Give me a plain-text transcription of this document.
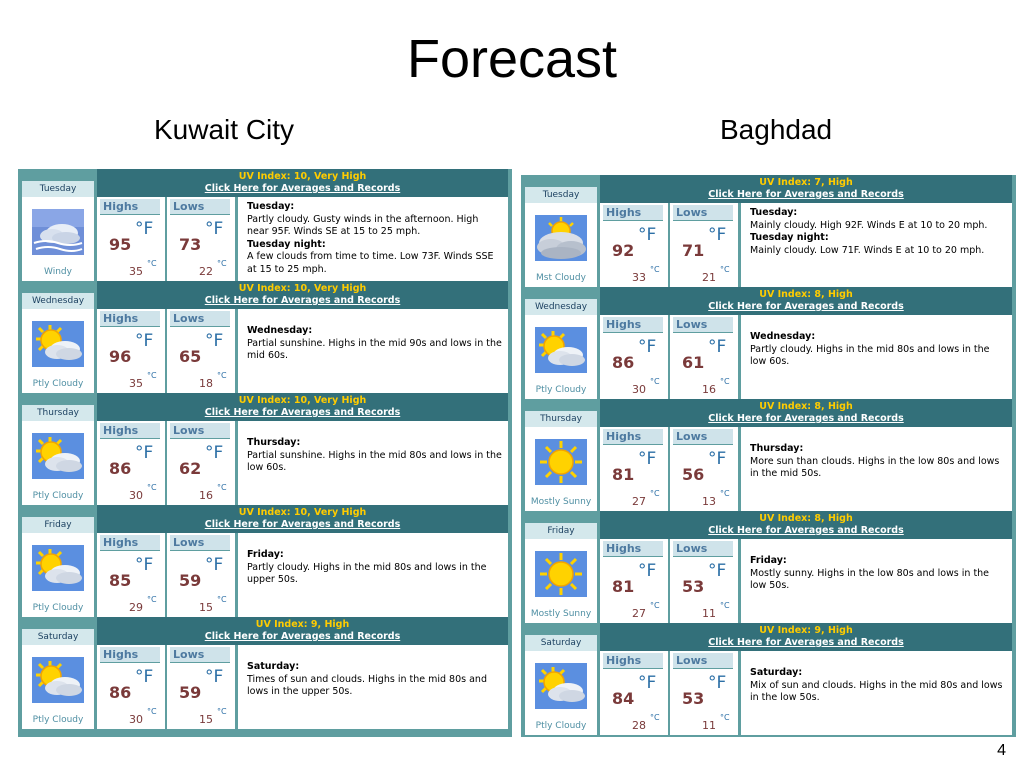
Forecast
Kuwait City	Baghdad
Tuesday
Windy
UV Index: 10, Very High
Click Here for Averages and Records
Highs
°F
95
°C
35
Lows
°F
73
°C
22
Tuesday:
Partly cloudy. Gusty winds in the afternoon. High near 95F. Winds SE at 15 to 25 mph.
Tuesday night:
A few clouds from time to time. Low 73F. Winds SSE at 15 to 25 mph.
Wednesday
Ptly Cloudy
UV Index: 10, Very High
Click Here for Averages and Records
Highs
°F
96
°C
35
Lows
°F
65
°C
18
Wednesday:
Partial sunshine. Highs in the mid 90s and lows in the mid 60s.
Thursday
Ptly Cloudy
UV Index: 10, Very High
Click Here for Averages and Records
Highs
°F
86
°C
30
Lows
°F
62
°C
16
Thursday:
Partial sunshine. Highs in the mid 80s and lows in the low 60s.
Friday
Ptly Cloudy
UV Index: 10, Very High
Click Here for Averages and Records
Highs
°F
85
°C
29
Lows
°F
59
°C
15
Friday:
Partly cloudy. Highs in the mid 80s and lows in the upper 50s.
Saturday
Ptly Cloudy
UV Index: 9, High
Click Here for Averages and Records
Highs
°F
86
°C
30
Lows
°F
59
°C
15
Saturday:
Times of sun and clouds. Highs in the mid 80s and lows in the upper 50s.
Tuesday
Mst Cloudy
UV Index: 7, High
Click Here for Averages and Records
Highs
°F
92
°C
33
Lows
°F
71
°C
21
Tuesday:
Mainly cloudy. High 92F. Winds E at 10 to 20 mph.
Tuesday night:
Mainly cloudy. Low 71F. Winds E at 10 to 20 mph.
Wednesday
Ptly Cloudy
UV Index: 8, High
Click Here for Averages and Records
Highs
°F
86
°C
30
Lows
°F
61
°C
16
Wednesday:
Partly cloudy. Highs in the mid 80s and lows in the low 60s.
Thursday
Mostly Sunny
UV Index: 8, High
Click Here for Averages and Records
Highs
°F
81
°C
27
Lows
°F
56
°C
13
Thursday:
More sun than clouds. Highs in the low 80s and lows in the mid 50s.
Friday
Mostly Sunny
UV Index: 8, High
Click Here for Averages and Records
Highs
°F
81
°C
27
Lows
°F
53
°C
11
Friday:
Mostly sunny. Highs in the low 80s and lows in the low 50s.
Saturday
Ptly Cloudy
UV Index: 9, High
Click Here for Averages and Records
Highs
°F
84
°C
28
Lows
°F
53
°C
11
Saturday:
Mix of sun and clouds. Highs in the mid 80s and lows in the low 50s.
4
